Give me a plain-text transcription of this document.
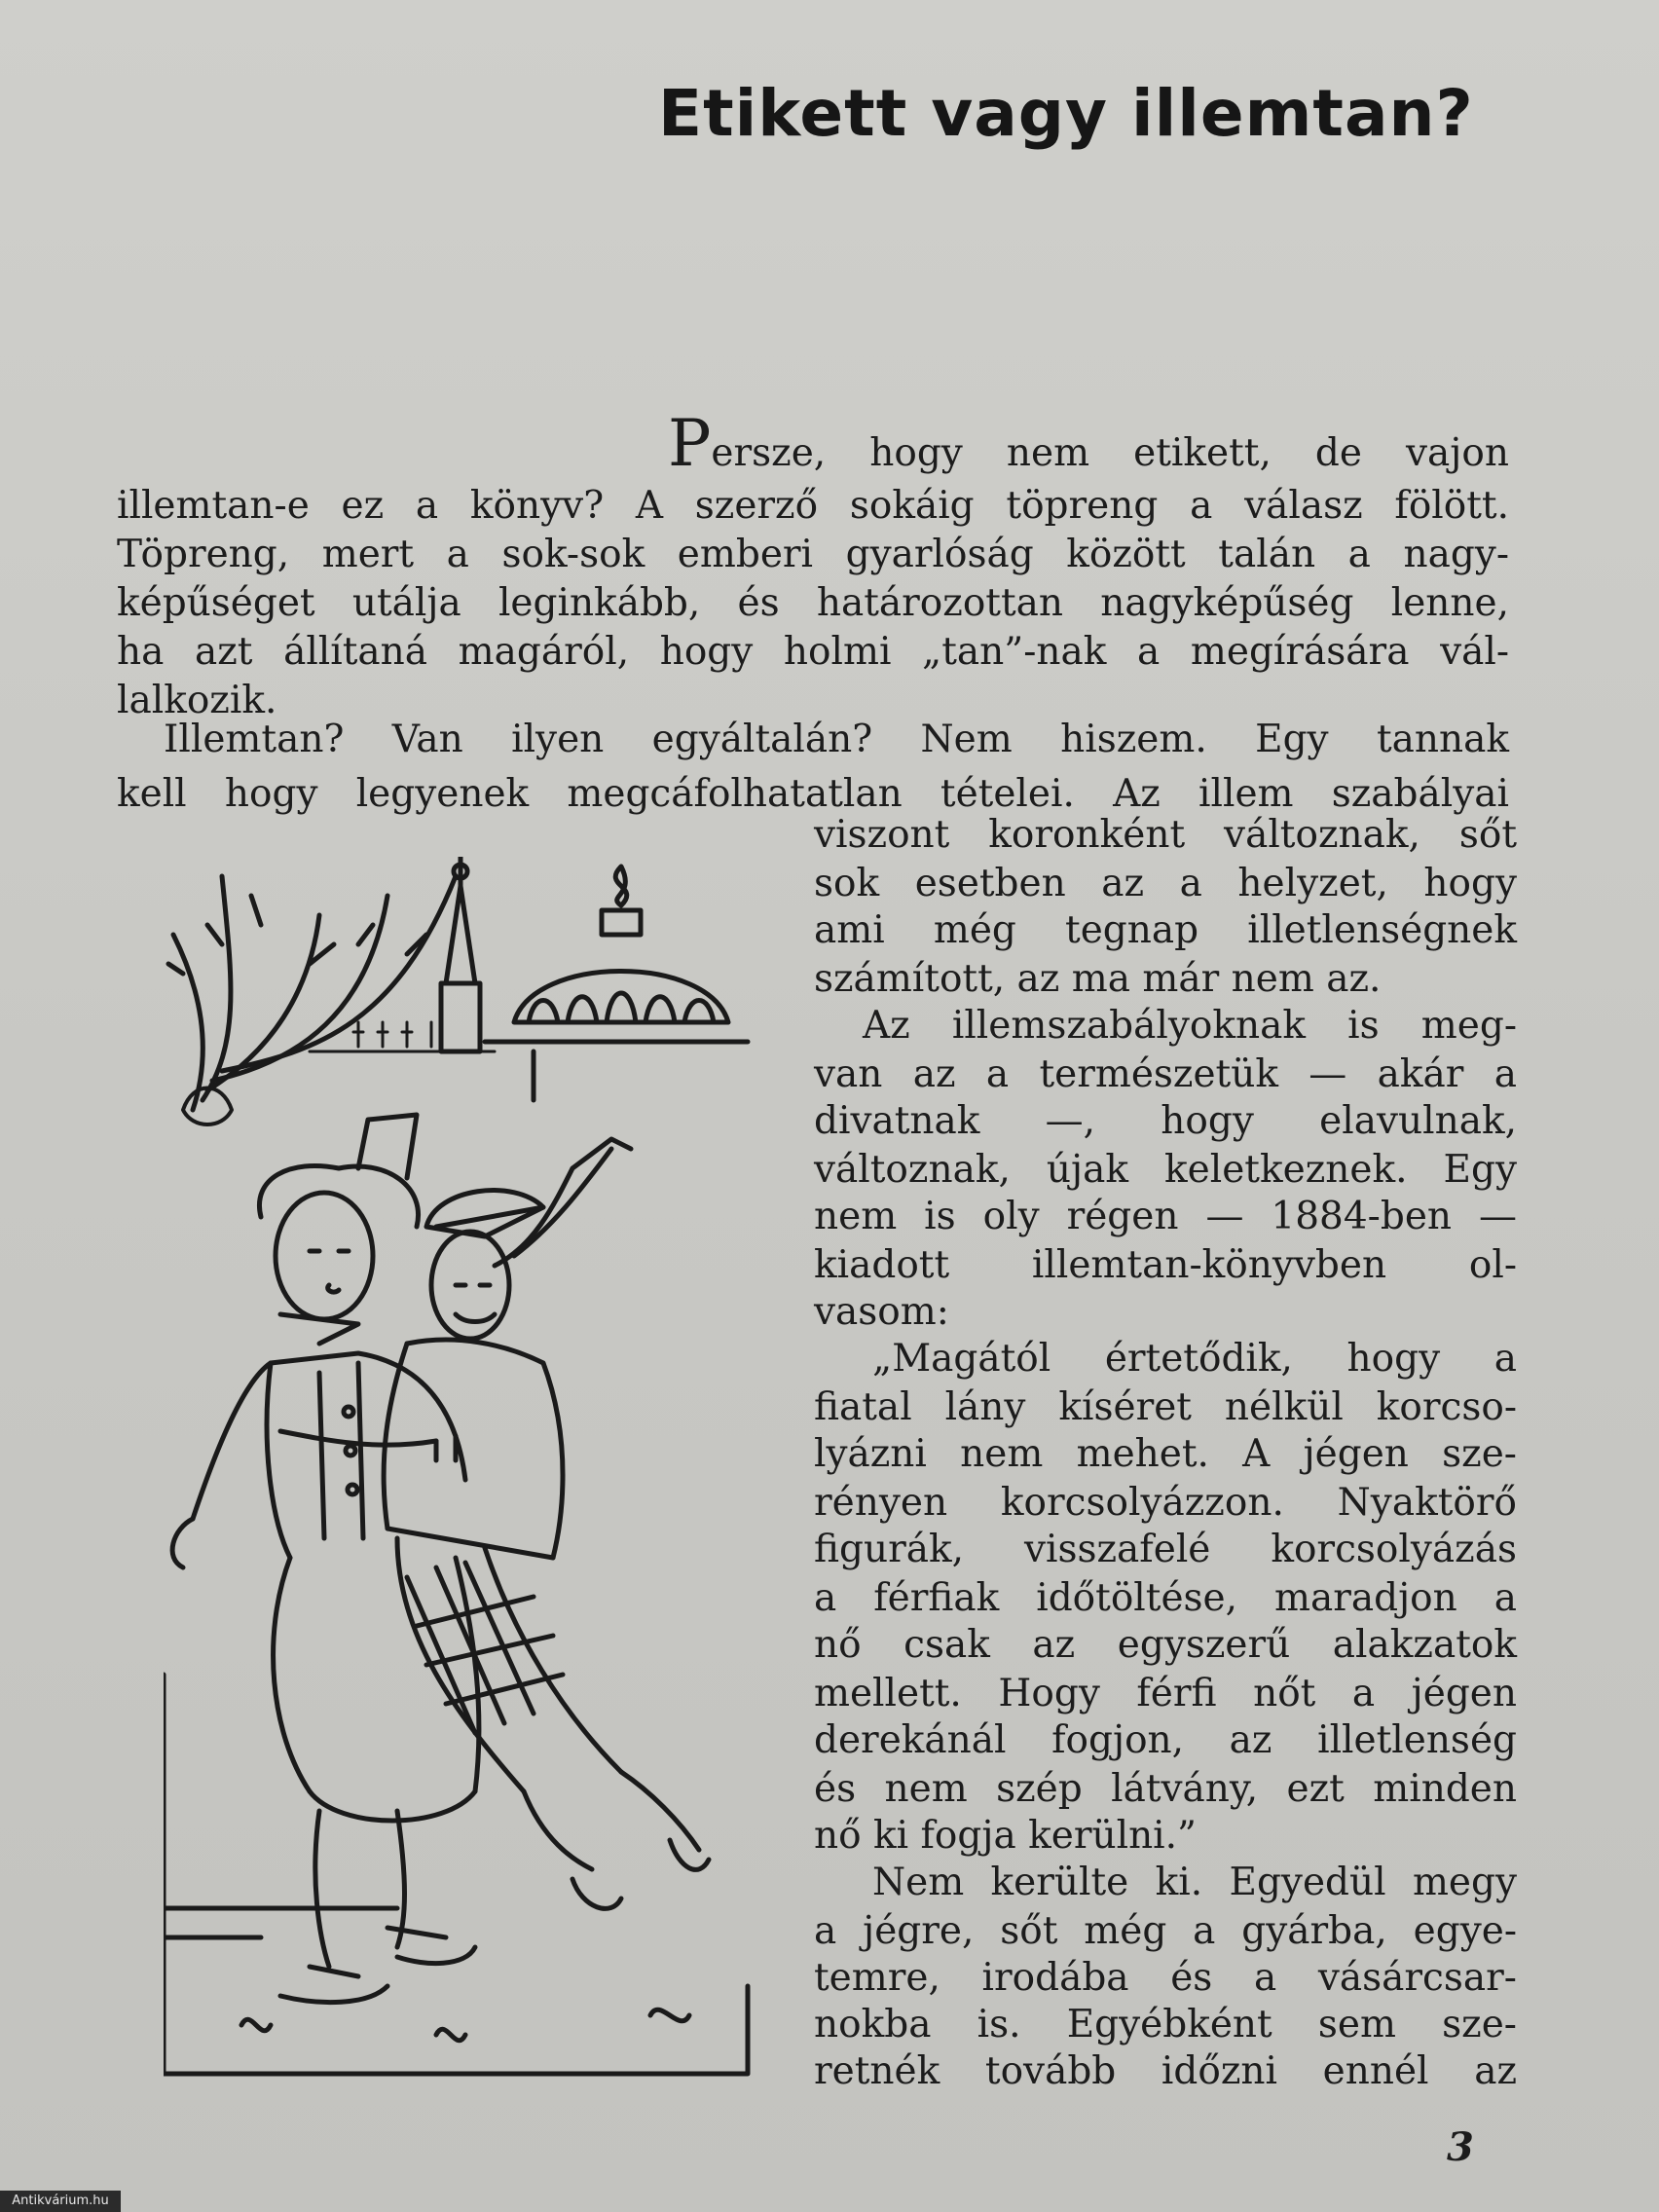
Etikett vagy illemtan?
Persze, hogy nem etikett, de vajon
illemtan-e ez a könyv? A szerző sokáig töpreng a válasz fölött.
Töpreng, mert a sok-sok emberi gyarlóság között talán a nagy-
képűséget utálja leginkább, és határozottan nagyképűség lenne,
ha azt állítaná magáról, hogy holmi „tan”-nak a megírására vál-
lalkozik.
Illemtan? Van ilyen egyáltalán? Nem hiszem. Egy tannak
kell hogy legyenek megcáfolhatatlan tételei. Az illem szabályai
viszont koronként változnak, sőt
sok esetben az a helyzet, hogy
ami még tegnap illetlenségnek
számított, az ma már nem az.
Az illemszabályoknak is meg-
van az a természetük — akár a
divatnak —, hogy elavulnak,
változnak, újak keletkeznek. Egy
nem is oly régen — 1884-ben —
kiadott illemtan-könyvben ol-
vasom:
„Magától értetődik, hogy a
fiatal lány kíséret nélkül korcso-
lyázni nem mehet. A jégen sze-
rényen korcsolyázzon. Nyaktörő
figurák, visszafelé korcsolyázás
a férfiak időtöltése, maradjon a
nő csak az egyszerű alakzatok
mellett. Hogy férfi nőt a jégen
derekánál fogjon, az illetlenség
és nem szép látvány, ezt minden
nő ki fogja kerülni.”
Nem kerülte ki. Egyedül megy
a jégre, sőt még a gyárba, egye-
temre, irodába és a vásárcsar-
nokba is. Egyébként sem sze-
retnék tovább időzni ennél az
3
Antikvárium.hu
